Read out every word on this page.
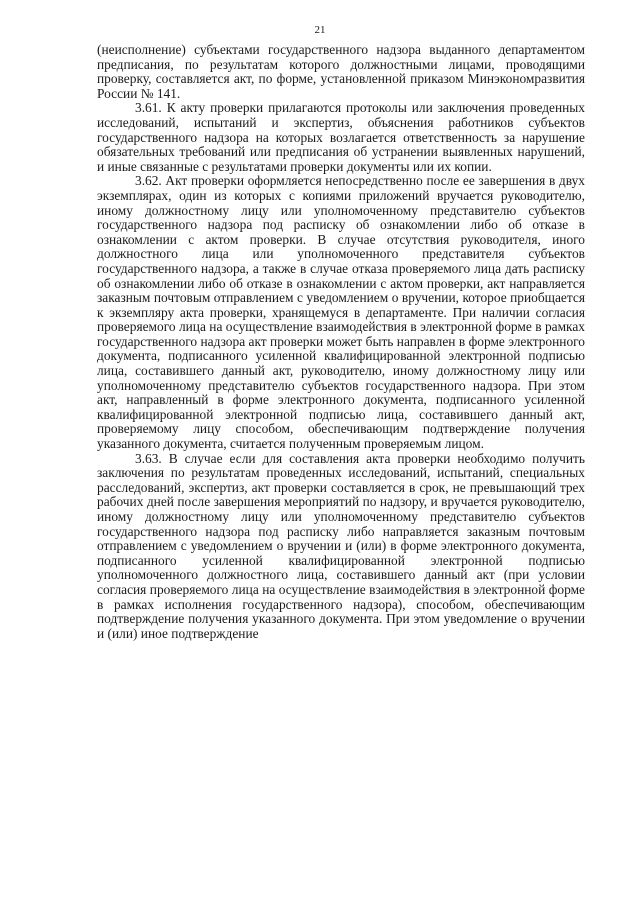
21

(неисполнение) субъектами государственного надзора выданного департаментом предписания, по результатам которого должностными лицами, проводящими проверку, составляется акт, по форме, установленной приказом Минэкономразвития России № 141.

3.61. К акту проверки прилагаются протоколы или заключения проведенных исследований, испытаний и экспертиз, объяснения работников субъектов государственного надзора на которых возлагается ответственность за нарушение обязательных требований или предписания об устранении выявленных нарушений, и иные связанные с результатами проверки документы или их копии.

3.62. Акт проверки оформляется непосредственно после ее завершения в двух экземплярах, один из которых с копиями приложений вручается руководителю, иному должностному лицу или уполномоченному представителю субъектов государственного надзора под расписку об ознакомлении либо об отказе в ознакомлении с актом проверки. В случае отсутствия руководителя, иного должностного лица или уполномоченного представителя субъектов государственного надзора, а также в случае отказа проверяемого лица дать расписку об ознакомлении либо об отказе в ознакомлении с актом проверки, акт направляется заказным почтовым отправлением с уведомлением о вручении, которое приобщается к экземпляру акта проверки, хранящемуся в департаменте. При наличии согласия проверяемого лица на осуществление взаимодействия в электронной форме в рамках государственного надзора акт проверки может быть направлен в форме электронного документа, подписанного усиленной квалифицированной электронной подписью лица, составившего данный акт, руководителю, иному должностному лицу или уполномоченному представителю субъектов государственного надзора. При этом акт, направленный в форме электронного документа, подписанного усиленной квалифицированной электронной подписью лица, составившего данный акт, проверяемому лицу способом, обеспечивающим подтверждение получения указанного документа, считается полученным проверяемым лицом.

3.63. В случае если для составления акта проверки необходимо получить заключения по результатам проведенных исследований, испытаний, специальных расследований, экспертиз, акт проверки составляется в срок, не превышающий трех рабочих дней после завершения мероприятий по надзору, и вручается руководителю, иному должностному лицу или уполномоченному представителю субъектов государственного надзора под расписку либо направляется заказным почтовым отправлением с уведомлением о вручении и (или) в форме электронного документа, подписанного усиленной квалифицированной электронной подписью уполномоченного должностного лица, составившего данный акт (при условии согласия проверяемого лица на осуществление взаимодействия в электронной форме в рамках исполнения государственного надзора), способом, обеспечивающим подтверждение получения указанного документа. При этом уведомление о вручении и (или) иное подтверждение
